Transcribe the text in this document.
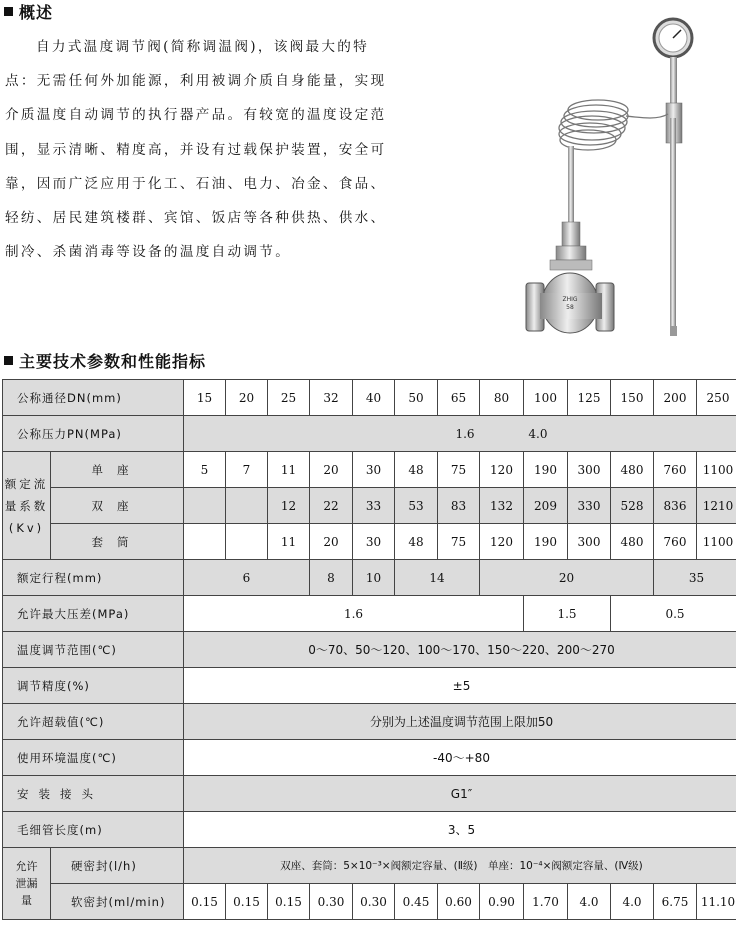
概述

自力式温度调节阀(简称调温阀)，该阀最大的特点：无需任何外加能源，利用被调介质自身能量，实现介质温度自动调节的执行器产品。有较宽的温度设定范围，显示清晰、精度高，并设有过载保护装置，安全可靠，因而广泛应用于化工、石油、电力、冶金、食品、轻纺、居民建筑楼群、宾馆、饭店等各种供热、供水、制冷、杀菌消毒等设备的温度自动调节。

ZHIG
58
主要技术参数和性能指标
公称通径DN(mm)		15	20	25	32	40	50	65	80	100	125	150	200	250
公称压力PN(MPa)		1.6 4.0												
额定流
量系数
(Kv)	单座	5	7	11	20	30	48	75	120	190	300	480	760	1100
	双座			12	22	33	53	83	132	209	330	528	836	1210
	套筒			11	20	30	48	75	120	190	300	480	760	1100
额定行程(mm)		6			8	10	14		20				35	
允许最大压差(MPa)		1.6								1.5		0.5		
温度调节范围(℃)		0～70、50～120、100～170、150～220、200～270												
调节精度(%)		±5												
允许超载值(℃)		分别为上述温度调节范围上限加50												
使用环境温度(℃)		-40～+80												
安装接头		G1″												
毛细管长度(m)		3、5												
允许
泄漏
量	硬密封(l/h)	双座、套筒：5×10⁻³×阀额定容量、(Ⅱ级)　单座：10⁻⁴×阀额定容量、(Ⅳ级)												
	软密封(ml/min)	0.15	0.15	0.15	0.30	0.30	0.45	0.60	0.90	1.70	4.0	4.0	6.75	11.10
